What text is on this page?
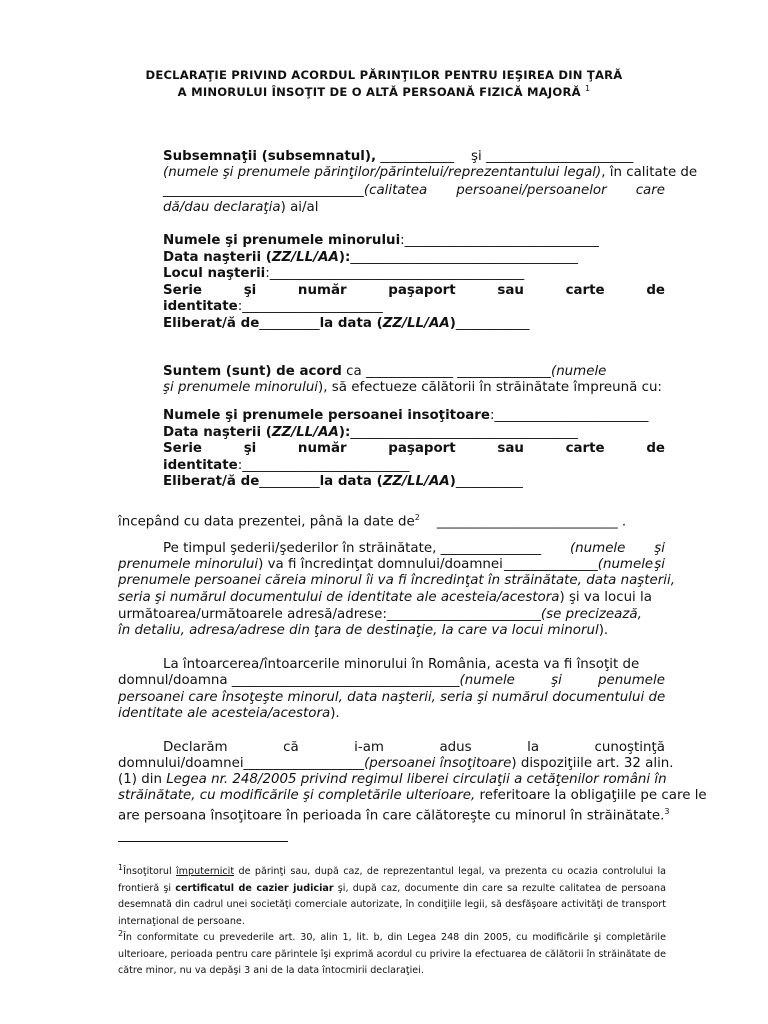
DECLARAŢIE PRIVIND ACORDUL PĂRINŢILOR PENTRU IEŞIREA DIN ŢARĂ
A MINORULUI ÎNSOŢIT DE O ALTĂ PERSOANĂ FIZICĂ MAJORĂ $^1$
Subsemnaţii (subsemnatul), ___________ şi ______________________
(numele şi prenumele părinţilor/părintelui/reprezentantului legal), în calitate de
______________________________(calitatea persoanei/persoanelor care
dă/dau declaraţia) ai/al
Numele şi prenumele minorului:_____________________________
Data naşterii (ZZ/LL/AA):__________________________________
Locul naşterii:______________________________________
Serie	şi	număr	paşaport	sau	carte	de
identitate:_____________________
Eliberat/ă de_________la data (ZZ/LL/AA)___________
Suntem (sunt) de acord ca _____________ ______________(numele
şi prenumele minorului), să efectueze călătorii în străinătate împreună cu:
Numele şi prenumele persoanei insoţitoare:_______________________
Data naşterii (ZZ/LL/AA):__________________________________
Serie	şi	număr	paşaport	sau	carte	de
identitate:_________________________
Eliberat/ă de_________la data (ZZ/LL/AA)__________
începând cu data prezentei, până la date $de^2$ ___________________________ .
Pe timpul şederii/şederilor în străinătate, _______________ (numele şi
prenumele minorului) va fi încredinţat domnului/doamnei ______________(numele şi
prenumele persoanei căreia minorul îi va fi încredinţat în străinătate, data naşterii,
seria şi numărul documentului de identitate ale acesteia/acestora) şi va locui la
următoarea/următoarele adresă/adrese:_______________________(se precizează,
în detaliu, adresa/adrese din ţara de destinaţie, la care va locui minorul).
La întoarcerea/întoarcerile minorului în România, acesta va fi însoţit de
domnul/doamna __________________________________(numele	şi	penumele
persoanei care însoţeşte minorul, data naşterii, seria şi numărul documentului de
identitate ale acesteia/acestora).
Declarăm	că	i-am	adus	la	cunoştinţă
domnului/doamnei__________________(persoanei însoţitoare) dispoziţiile art. 32 alin.
(1) din Legea nr. 248/2005 privind regimul liberei circulaţii a cetăţenilor români în
străinătate, cu modificările şi completările ulterioare, referitoare la obligaţiile pe care le
are persoana însoţitoare în perioada în care călătoreşte cu minorul în străinătate.$^3$
$^1$Însoţitorul împuternicit de părinţi sau, după caz, de reprezentantul legal, va prezenta cu ocazia controlului la frontieră şi certificatul de cazier judiciar şi, după caz, documente din care sa rezulte calitatea de persoana desemnată din cadrul unei societăţi comerciale autorizate, în condiţiile legii, să desfăşoare activităţi de transport internaţional de persoane.
$^2$În conformitate cu prevederile art. 30, alin 1, lit. b, din Legea 248 din 2005, cu modificările şi completările ulterioare, perioada pentru care părintele îşi exprimă acordul cu privire la efectuarea de călătorii în străinătate de către minor, nu va depăşi 3 ani de la data întocmirii declaraţiei.
